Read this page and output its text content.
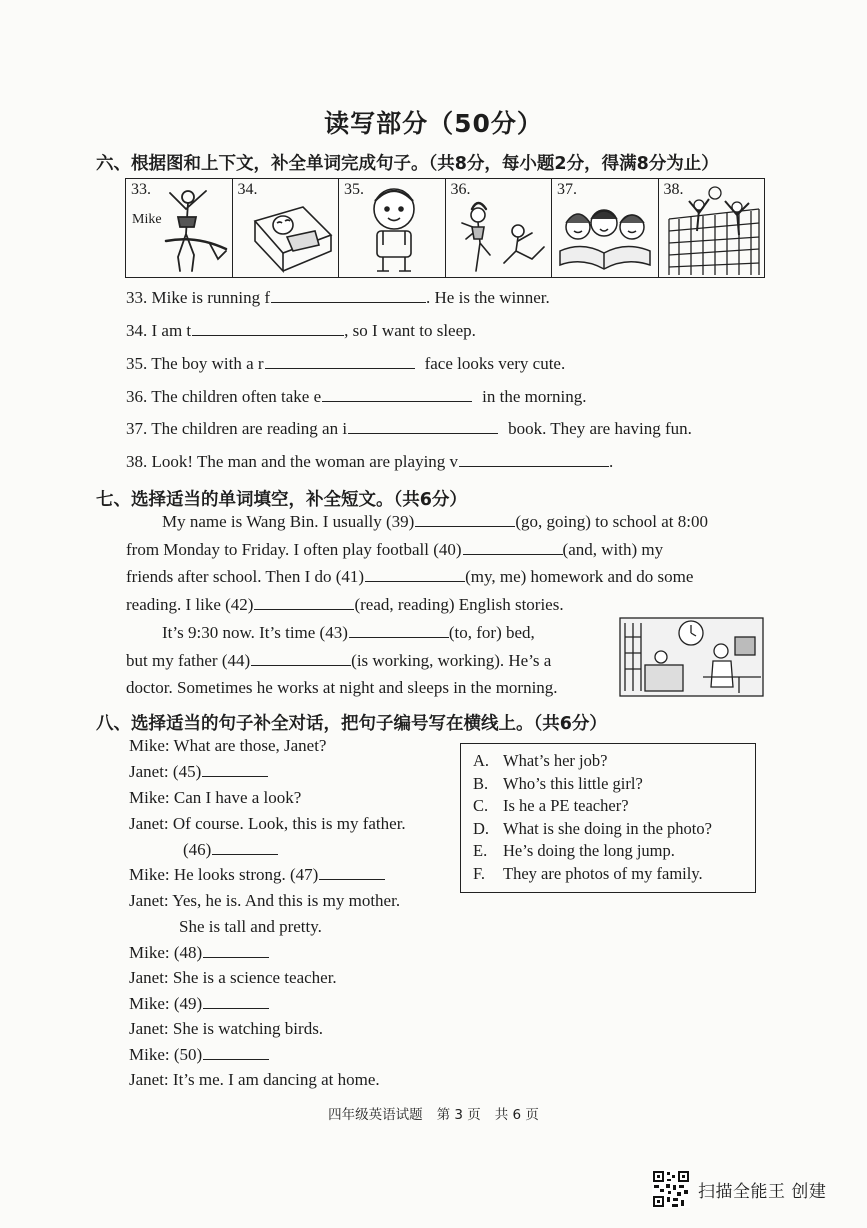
读写部分（50分）
六、根据图和上下文，补全单词完成句子。（共8分，每小题2分，得满8分为止）
33.
Mike
34.	35.	36.	37.	38.
33. Mike is running f	. He is the winner.
34. I am t	, so I want to sleep.
35. The boy with a r	face looks very cute.
36. The children often take e	in the morning.
37. The children are reading an i	book. They are having fun.
38. Look! The man and the woman are playing v	.
七、选择适当的单词填空，补全短文。（共6分）
My name is Wang Bin. I usually (39)	(go, going) to school at 8:00
from Monday to Friday. I often play football (40)	(and, with) my
friends after school. Then I do (41)	(my, me) homework and do some
reading. I like (42)	(read, reading) English stories.
It’s 9:30 now. It’s time (43)	(to, for) bed,
but my father (44)	(is working, working). He’s a
doctor. Sometimes he works at night and sleeps in the morning.
八、选择适当的句子补全对话，把句子编号写在横线上。（共6分）
Mike: What are those, Janet?
Janet: (45)
Mike: Can I have a look?
Janet: Of course. Look, this is my father.
(46)
Mike: He looks strong. (47)
Janet: Yes, he is. And this is my mother.
She is tall and pretty.
Mike: (48)
Janet: She is a science teacher.
Mike: (49)
Janet: She is watching birds.
Mike: (50)
Janet: It’s me. I am dancing at home.
A. What’s her job?
B. Who’s this little girl?
C. Is he a PE teacher?
D. What is she doing in the photo?
E. He’s doing the long jump.
F. They are photos of my family.
四年级英语试题 第 3 页 共 6 页
扫描全能王 创建
